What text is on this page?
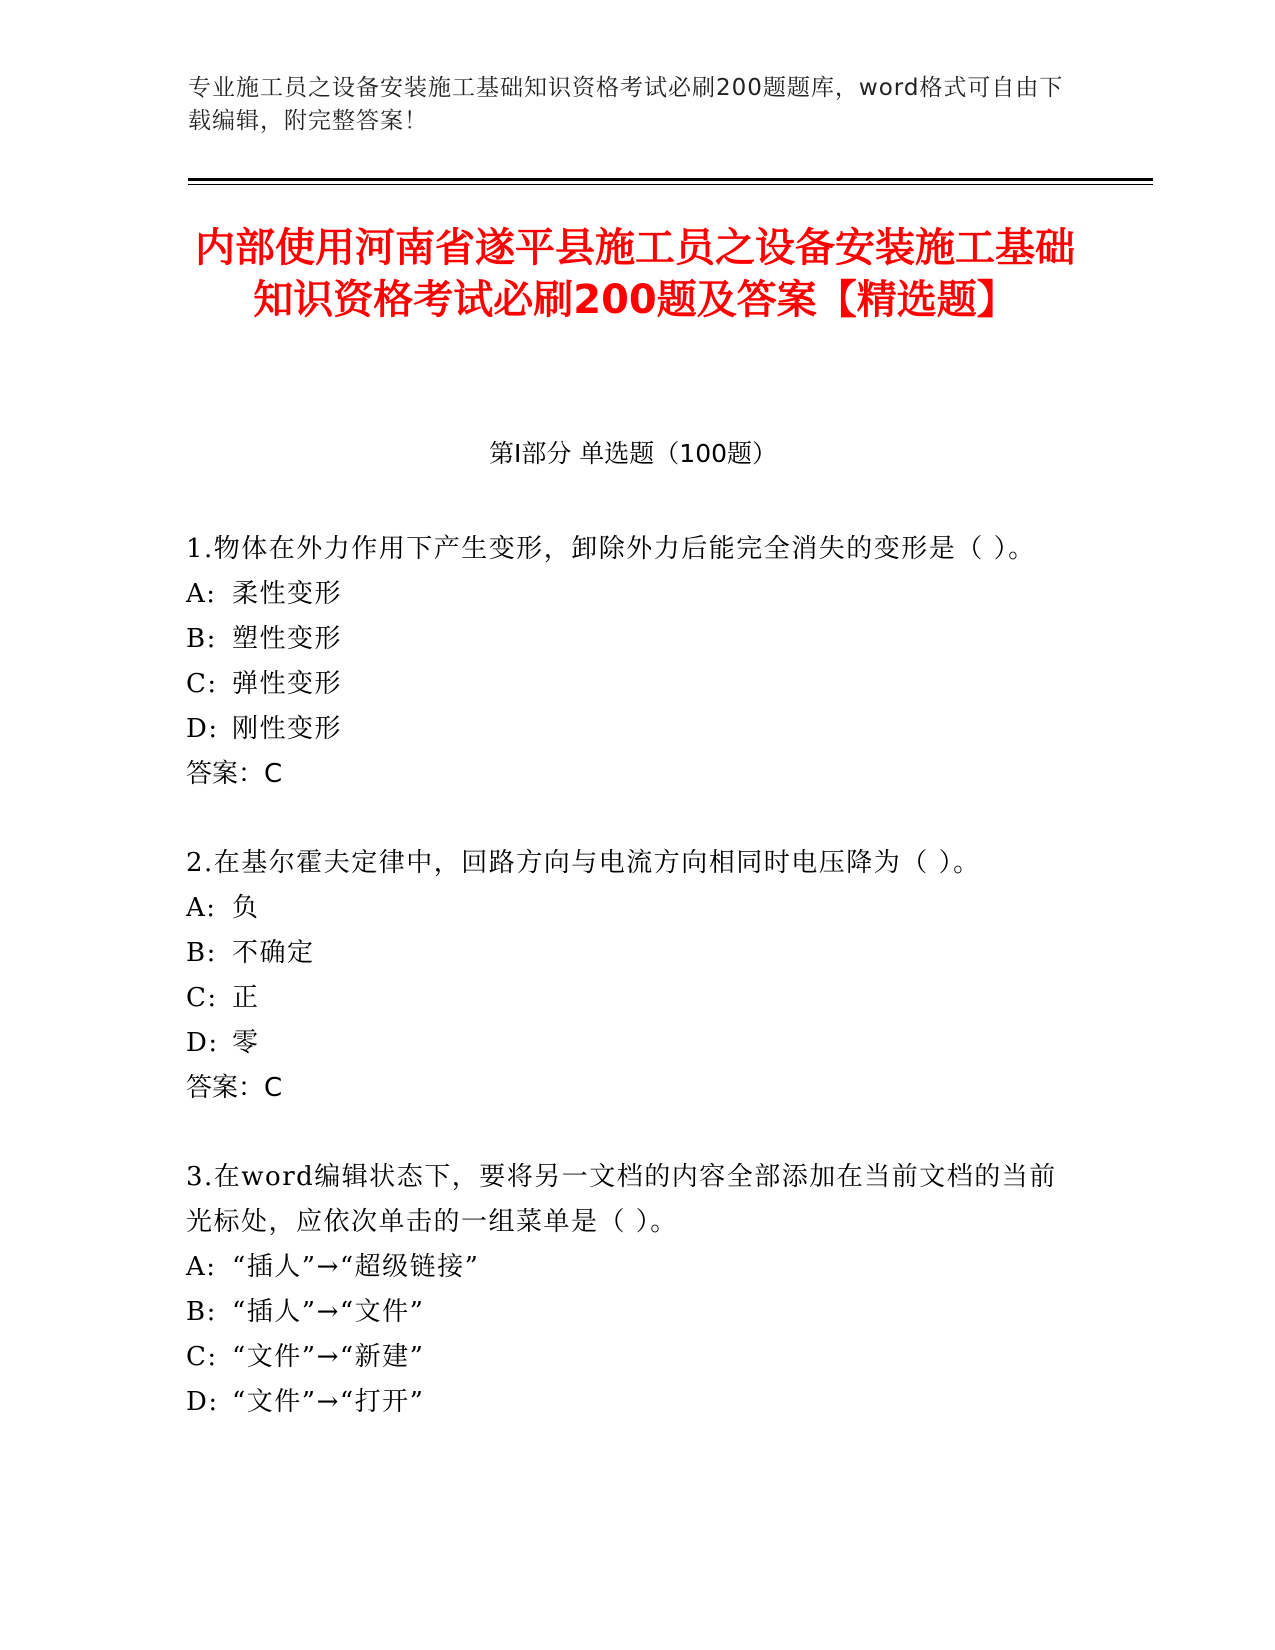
专业施工员之设备安装施工基础知识资格考试必刷200题题库，word格式可自由下载编辑，附完整答案！
内部使用河南省遂平县施工员之设备安装施工基础知识资格考试必刷200题及答案【精选题】
第Ⅰ部分 单选题（100题）

1.物体在外力作用下产生变形，卸除外力后能完全消失的变形是（ ）。

A: 柔性变形

B: 塑性变形

C: 弹性变形

D: 刚性变形

答案：C

2.在基尔霍夫定律中，回路方向与电流方向相同时电压降为（ ）。

A: 负

B: 不确定

C: 正

D: 零

答案：C

3.在word编辑状态下，要将另一文档的内容全部添加在当前文档的当前光标处，应依次单击的一组菜单是（ ）。

A: “插人”→“超级链接”

B: “插人”→“文件”

C: “文件”→“新建”

D: “文件”→“打开”
